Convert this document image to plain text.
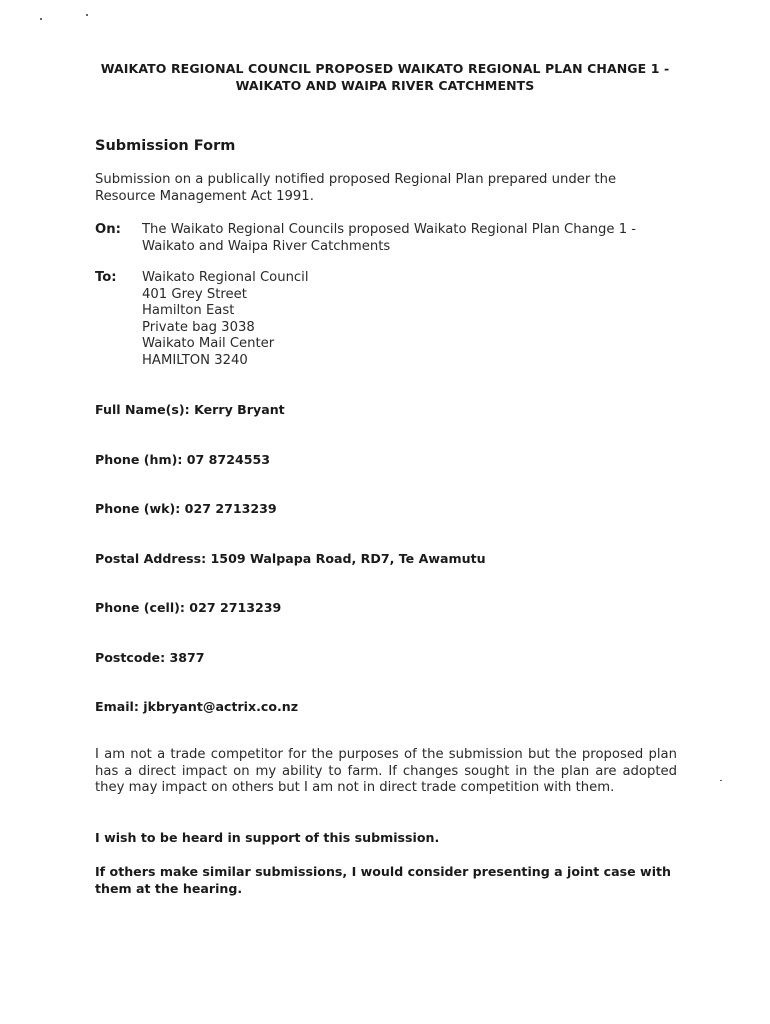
WAIKATO REGIONAL COUNCIL PROPOSED WAIKATO REGIONAL PLAN CHANGE 1 -
WAIKATO AND WAIPA RIVER CATCHMENTS
Submission Form
Submission on a publically notified proposed Regional Plan prepared under the
Resource Management Act 1991.
On: The Waikato Regional Councils proposed Waikato Regional Plan Change 1 -
Waikato and Waipa River Catchments
To: Waikato Regional Council
401 Grey Street
Hamilton East
Private bag 3038
Waikato Mail Center
HAMILTON 3240
Full Name(s): Kerry Bryant
Phone (hm): 07 8724553
Phone (wk): 027 2713239
Postal Address: 1509 Walpapa Road, RD7, Te Awamutu
Phone (cell): 027 2713239
Postcode: 3877
Email: jkbryant@actrix.co.nz
I am not a trade competitor for the purposes of the submission but the proposed plan has a direct impact on my ability to farm. If changes sought in the plan are adopted they may impact on others but I am not in direct trade competition with them.
I wish to be heard in support of this submission.
If others make similar submissions, I would consider presenting a joint case with them at the hearing.
